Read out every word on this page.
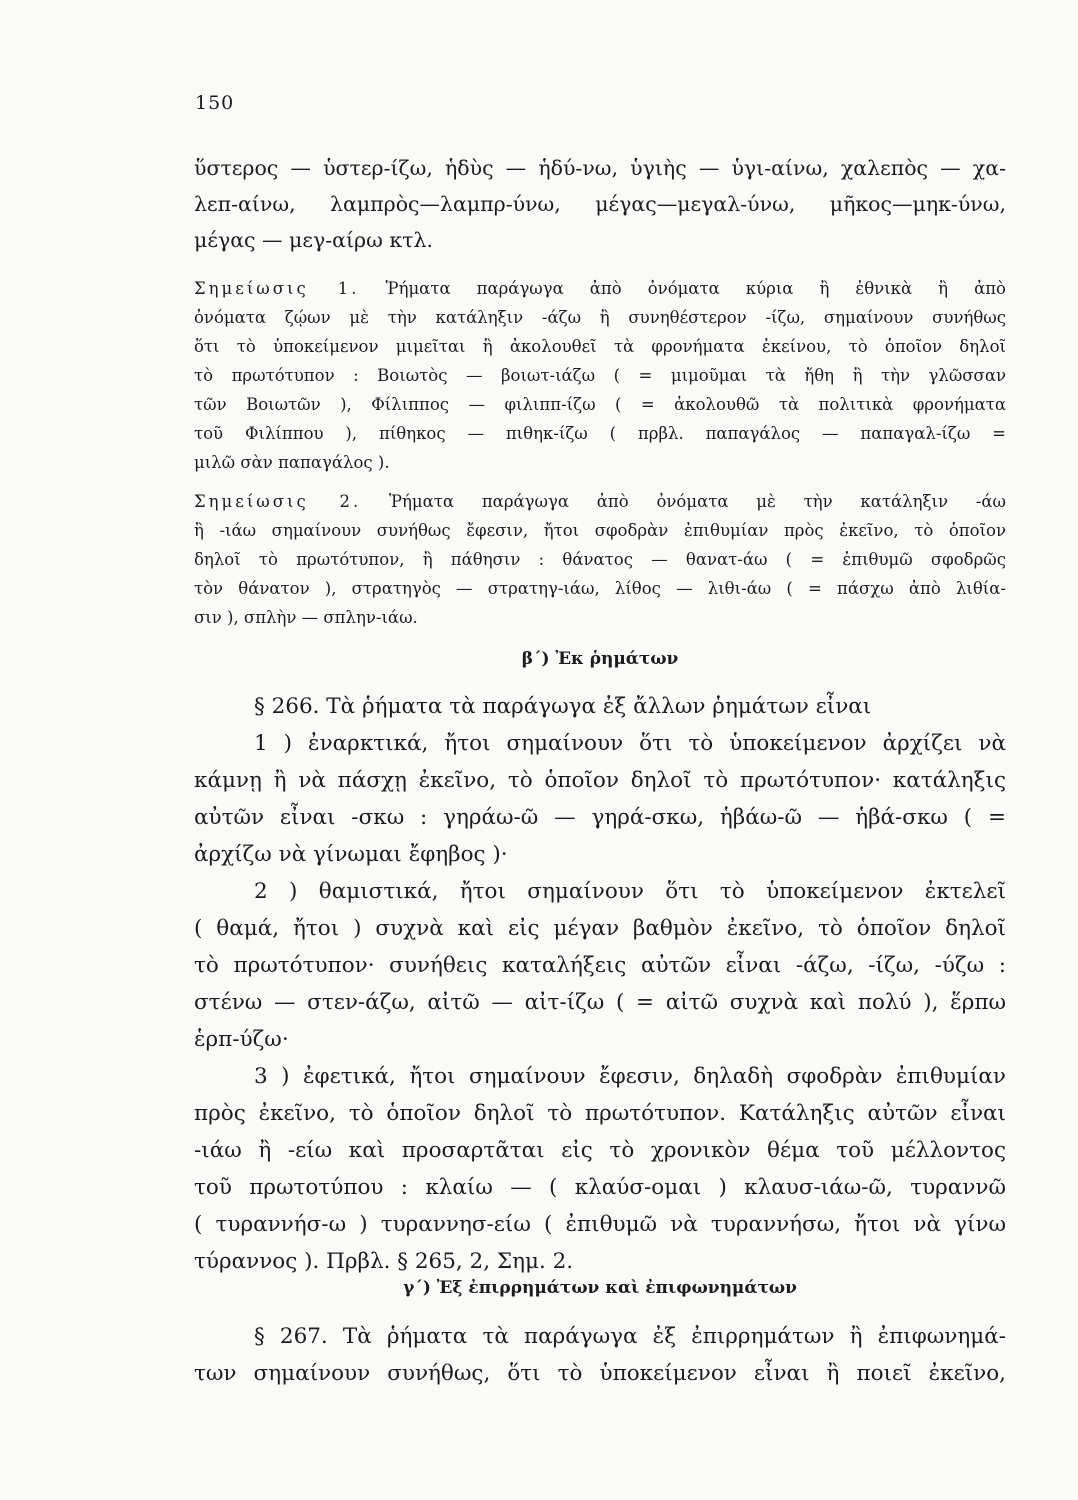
150
ὕστερος — ὑστερ-ίζω, ἡδὺς — ἡδύ-νω, ὑγιὴς — ὑγι-αίνω, χαλεπὸς — χα-
λεπ-αίνω, λαμπρὸς—λαμπρ-ύνω, μέγας—μεγαλ-ύνω, μῆκος—μηκ-ύνω,
μέγας — μεγ-αίρω κτλ.
Σημείωσις 1. Ῥήματα παράγωγα ἀπὸ ὀνόματα κύρια ἢ ἐθνικὰ ἢ ἀπὸ
ὀνόματα ζῴων μὲ τὴν κατάληξιν -άζω ἢ συνηθέστερον -ίζω, σημαίνουν συνήθως
ὅτι τὸ ὑποκείμενον μιμεῖται ἢ ἀκολουθεῖ τὰ φρονήματα ἐκείνου, τὸ ὁποῖον δηλοῖ
τὸ πρωτότυπον : Βοιωτὸς — βοιωτ-ιάζω ( = μιμοῦμαι τὰ ἤθη ἢ τὴν γλῶσσαν
τῶν Βοιωτῶν ), Φίλιππος — φιλιππ-ίζω ( = ἀκολουθῶ τὰ πολιτικὰ φρονήματα
τοῦ Φιλίππου ), πίθηκος — πιθηκ-ίζω ( πρβλ. παπαγάλος — παπαγαλ-ίζω =
μιλῶ σὰν παπαγάλος ).
Σημείωσις 2. Ῥήματα παράγωγα ἀπὸ ὀνόματα μὲ τὴν κατάληξιν -άω
ἢ -ιάω σημαίνουν συνήθως ἔφεσιν, ἤτοι σφοδρὰν ἐπιθυμίαν πρὸς ἐκεῖνο, τὸ ὁποῖον
δηλοῖ τὸ πρωτότυπον, ἢ πάθησιν : θάνατος — θανατ-άω ( = ἐπιθυμῶ σφοδρῶς
τὸν θάνατον ), στρατηγὸς — στρατηγ-ιάω, λίθος — λιθι-άω ( = πάσχω ἀπὸ λιθία-
σιν ), σπλὴν — σπλην-ιάω.
β΄) Ἐκ ῥημάτων
§ 266. Τὰ ῥήματα τὰ παράγωγα ἐξ ἄλλων ῥημάτων εἶναι
1 ) ἐναρκτικά, ἤτοι σημαίνουν ὅτι τὸ ὑποκείμενον ἀρχίζει νὰ
κάμνῃ ἢ νὰ πάσχῃ ἐκεῖνο, τὸ ὁποῖον δηλοῖ τὸ πρωτότυπον· κατάληξις
αὐτῶν εἶναι -σκω : γηράω-ῶ — γηρά-σκω, ἡβάω-ῶ — ἡβά-σκω ( =
ἀρχίζω νὰ γίνωμαι ἔφηβος )·
2 ) θαμιστικά, ἤτοι σημαίνουν ὅτι τὸ ὑποκείμενον ἐκτελεῖ
( θαμά, ἤτοι ) συχνὰ καὶ εἰς μέγαν βαθμὸν ἐκεῖνο, τὸ ὁποῖον δηλοῖ
τὸ πρωτότυπον· συνήθεις καταλήξεις αὐτῶν εἶναι -άζω, -ίζω, -ύζω :
στένω — στεν-άζω, αἰτῶ — αἰτ-ίζω ( = αἰτῶ συχνὰ καὶ πολύ ), ἕρπω
ἑρπ-ύζω·
3 ) ἐφετικά, ἤτοι σημαίνουν ἔφεσιν, δηλαδὴ σφοδρὰν ἐπιθυμίαν
πρὸς ἐκεῖνο, τὸ ὁποῖον δηλοῖ τὸ πρωτότυπον. Κατάληξις αὐτῶν εἶναι
-ιάω ἢ -είω καὶ προσαρτᾶται εἰς τὸ χρονικὸν θέμα τοῦ μέλλοντος
τοῦ πρωτοτύπου : κλαίω — ( κλαύσ-ομαι ) κλαυσ-ιάω-ῶ, τυραννῶ
( τυραννήσ-ω ) τυραννησ-είω ( ἐπιθυμῶ νὰ τυραννήσω, ἤτοι νὰ γίνω
τύραννος ). Πρβλ. § 265, 2, Σημ. 2.
γ΄) Ἐξ ἐπιρρημάτων καὶ ἐπιφωνημάτων
§ 267. Τὰ ῥήματα τὰ παράγωγα ἐξ ἐπιρρημάτων ἢ ἐπιφωνημά-
των σημαίνουν συνήθως, ὅτι τὸ ὑποκείμενον εἶναι ἢ ποιεῖ ἐκεῖνο,
